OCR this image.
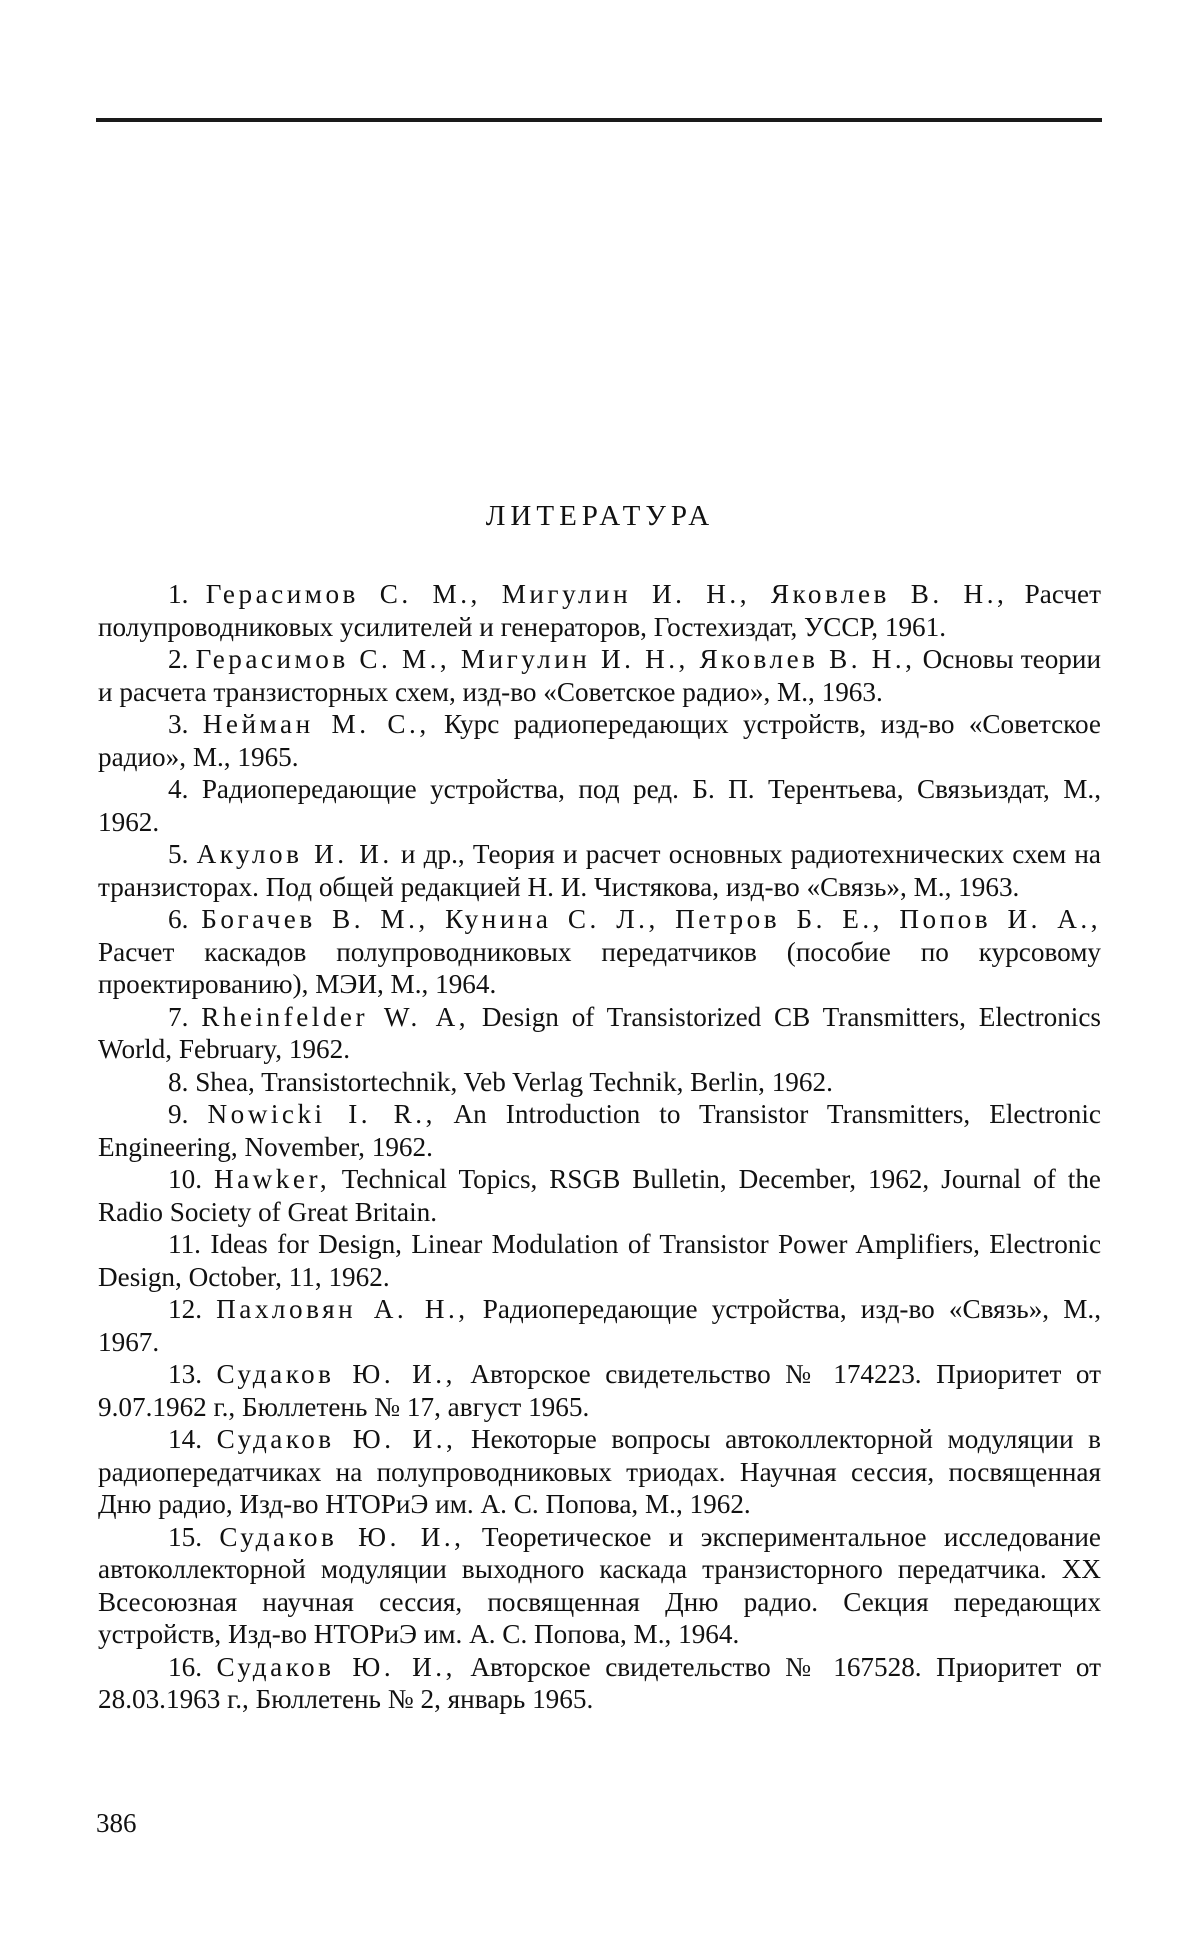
ЛИТЕРАТУРА

1. Герасимов С. М., Мигулин И. Н., Яковлев В. Н., Расчет полупроводниковых усилителей и генераторов, Гостехиздат, УССР, 1961.

2. Герасимов С. М., Мигулин И. Н., Яковлев В. Н., Основы теории и расчета транзисторных схем, изд-во «Советское радио», М., 1963.

3. Нейман М. С., Курс радиопередающих устройств, изд-во «Советское радио», М., 1965.

4. Радиопередающие устройства, под ред. Б. П. Терентьева, Связьиздат, М., 1962.

5. Акулов И. И. и др., Теория и расчет основных радиотехнических схем на транзисторах. Под общей редакцией Н. И. Чистякова, изд-во «Связь», М., 1963.

6. Богачев В. М., Кунина С. Л., Петров Б. Е., Попов И. А., Расчет каскадов полупроводниковых передатчиков (пособие по курсовому проектированию), МЭИ, М., 1964.

7. Rheinfelder W. A, Design of Transistorized CB Transmitters, Electronics World, February, 1962.

8. Shea, Transistortechnik, Veb Verlag Technik, Berlin, 1962.

9. Nowicki I. R., An Introduction to Transistor Transmitters, Electronic Engineering, November, 1962.

10. Hawker, Technical Topics, RSGB Bulletin, December, 1962, Journal of the Radio Society of Great Britain.

11. Ideas for Design, Linear Modulation of Transistor Power Amplifiers, Electronic Design, October, 11, 1962.

12. Пахловян А. Н., Радиопередающие устройства, изд-во «Связь», М., 1967.

13. Судаков Ю. И., Авторское свидетельство № 174223. Приоритет от 9.07.1962 г., Бюллетень № 17, август 1965.

14. Судаков Ю. И., Некоторые вопросы автоколлекторной модуляции в радиопередатчиках на полупроводниковых триодах. Научная сессия, посвященная Дню радио, Изд-во НТОРиЭ им. А. С. Попова, М., 1962.

15. Судаков Ю. И., Теоретическое и экспериментальное исследование автоколлекторной модуляции выходного каскада транзисторного передатчика. XX Всесоюзная научная сессия, посвященная Дню радио. Секция передающих устройств, Изд-во НТОРиЭ им. А. С. Попова, М., 1964.

16. Судаков Ю. И., Авторское свидетельство № 167528. Приоритет от 28.03.1963 г., Бюллетень № 2, январь 1965.

386
